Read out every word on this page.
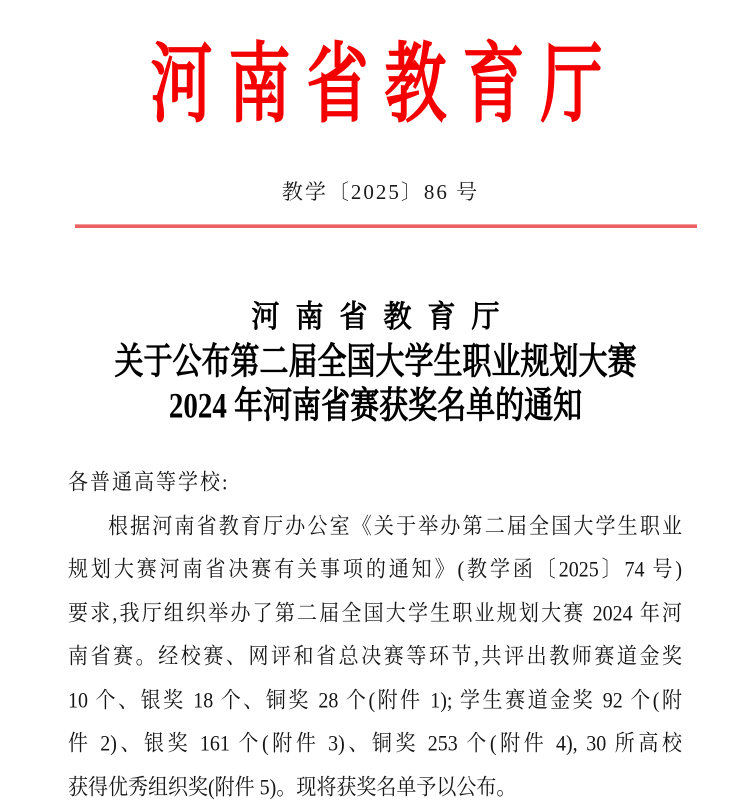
河南省教育厅
教学〔2025〕86 号
河南省教育厅
关于公布第二届全国大学生职业规划大赛
2024 年河南省赛获奖名单的通知
各普通高等学校:
根据河南省教育厅办公室《关于举办第二届全国大学生职业
规划大赛河南省决赛有关事项的通知》(教学函〔2025〕74 号)
要求,我厅组织举办了第二届全国大学生职业规划大赛 2024 年河
南省赛。经校赛、网评和省总决赛等环节,共评出教师赛道金奖
10 个、银奖 18 个、铜奖 28 个(附件 1); 学生赛道金奖 92 个(附
件 2)、银奖 161 个(附件 3)、铜奖 253 个(附件 4), 30 所高校
获得优秀组织奖(附件 5)。现将获奖名单予以公布。
